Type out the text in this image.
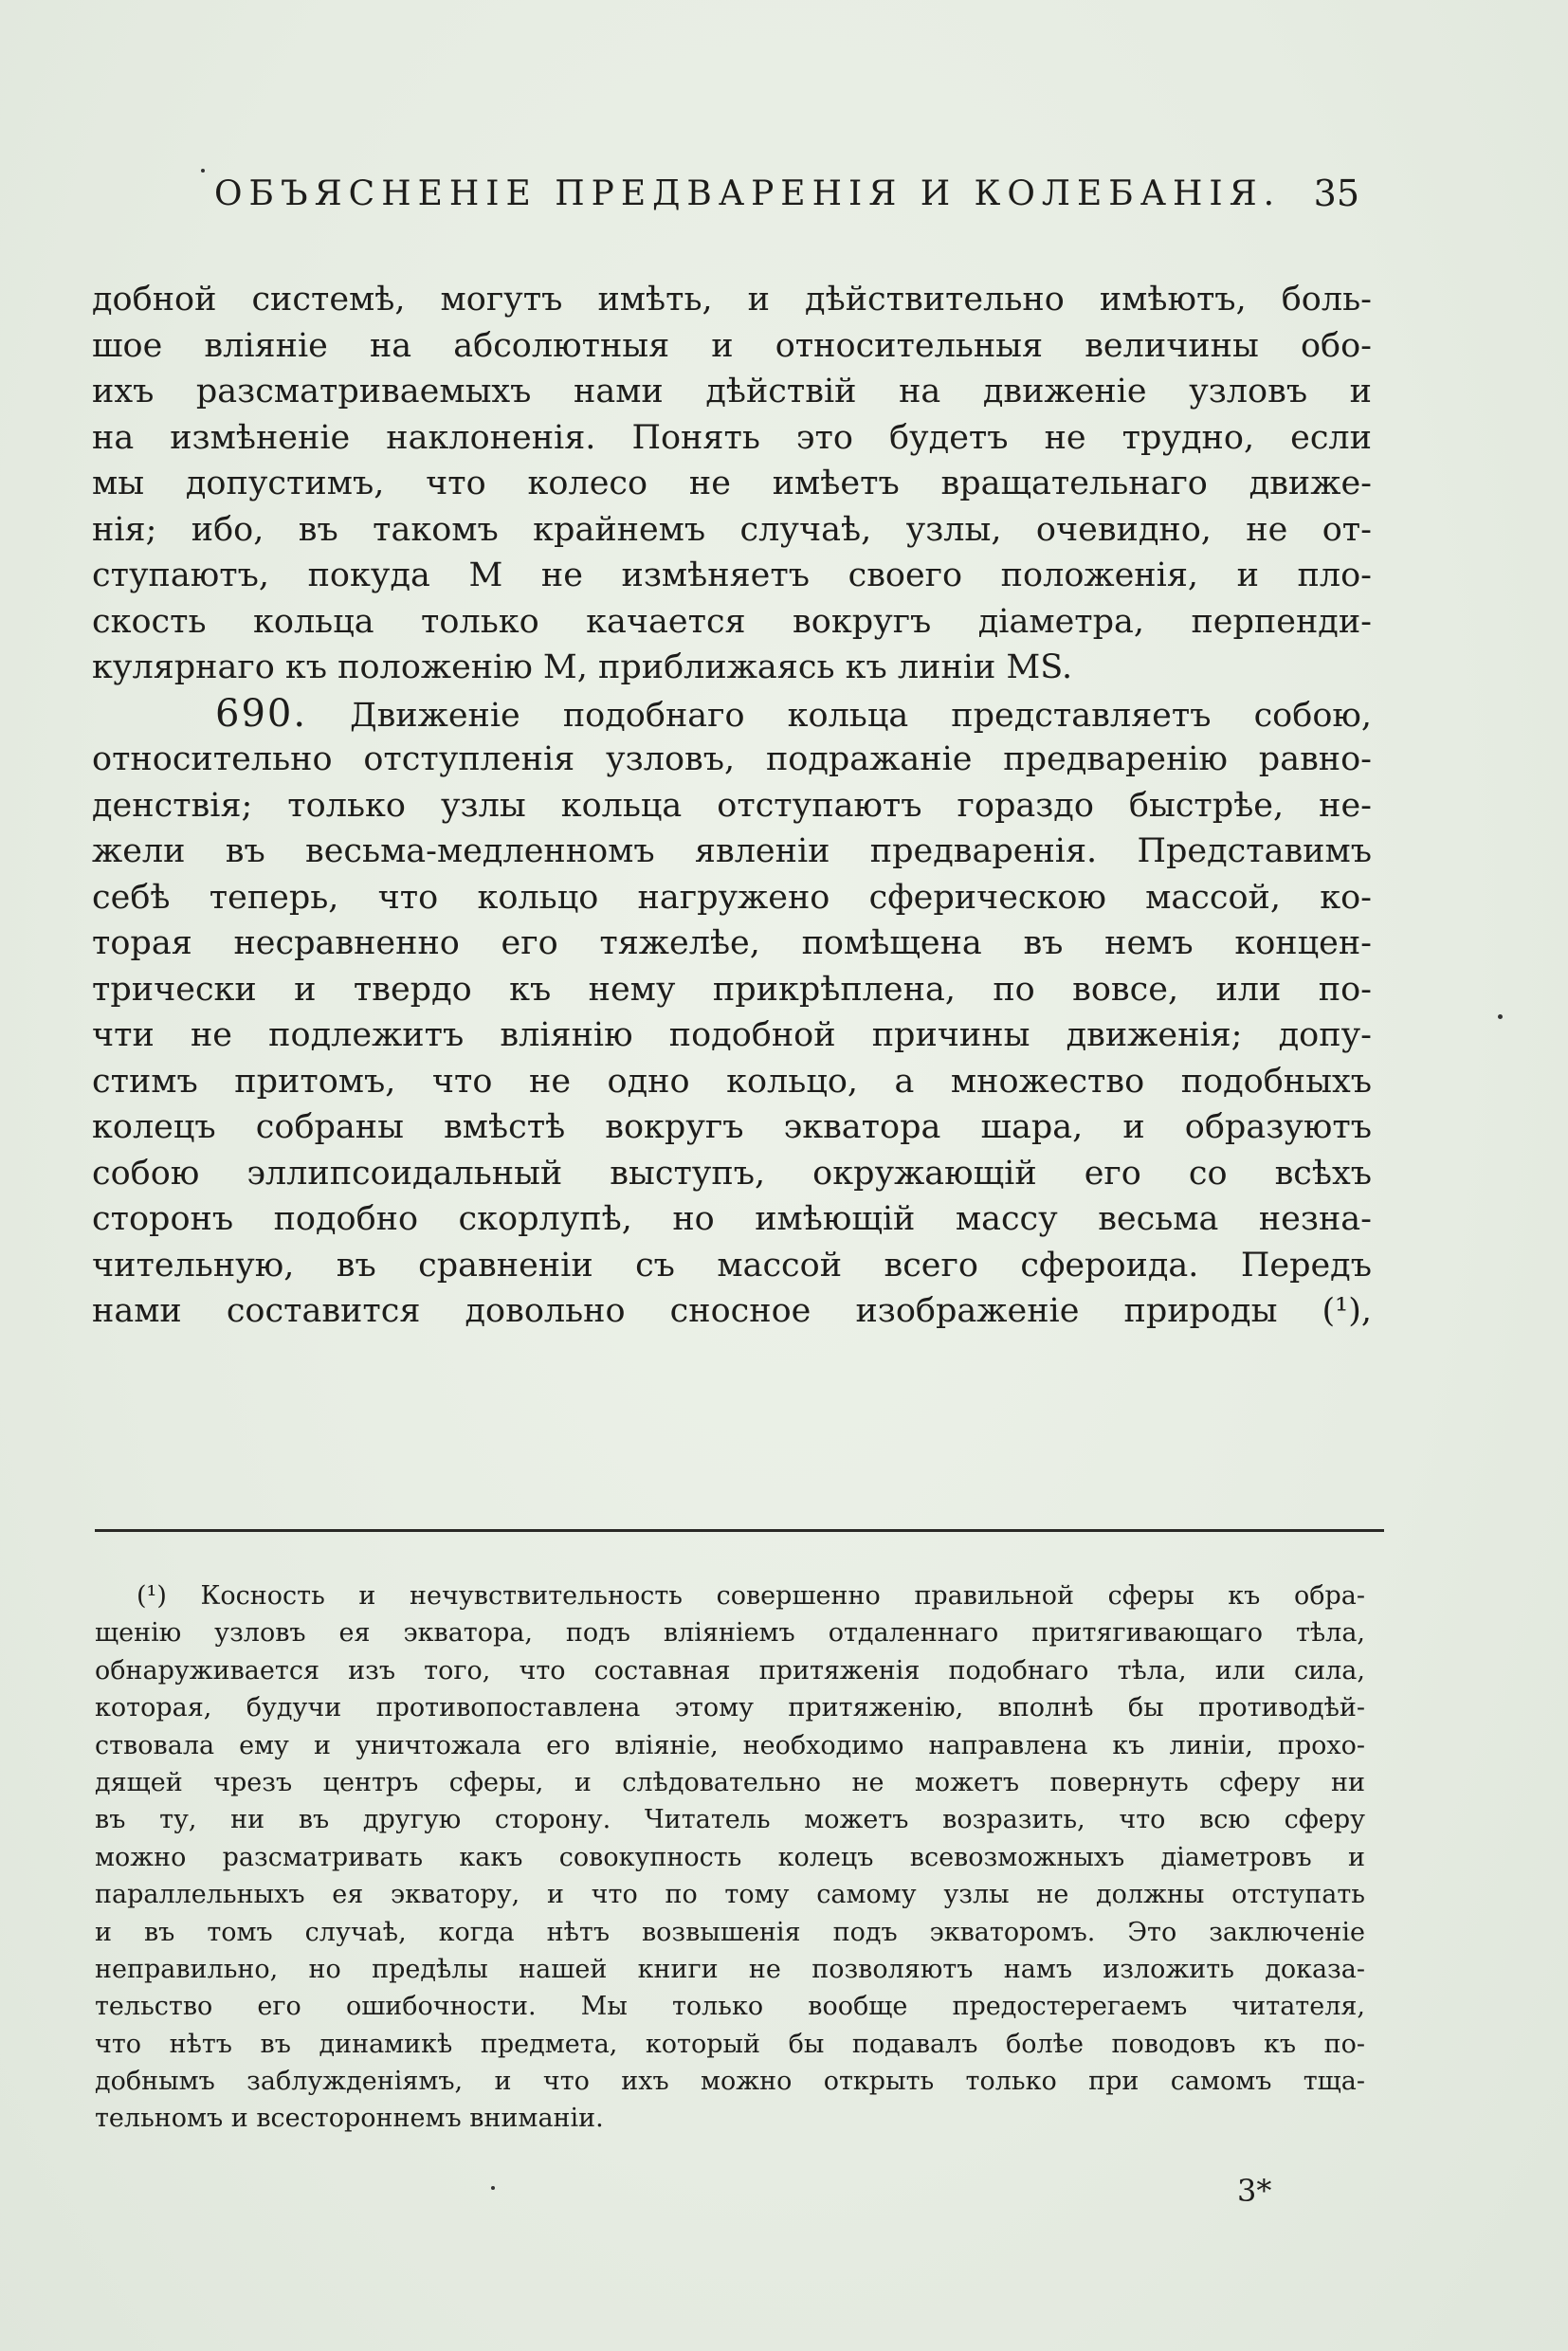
ОБЪЯСНЕНІЕ ПРЕДВАРЕНІЯ И КОЛЕБАНІЯ. 35
добной системѣ, могутъ имѣть, и дѣйствительно имѣютъ, боль-
шое вліяніе на абсолютныя и относительныя величины обо-
ихъ разсматриваемыхъ нами дѣйствій на движеніе узловъ и
на измѣненіе наклоненія. Понять это будетъ не трудно, если
мы допустимъ, что колесо не имѣетъ вращательнаго движе-
нія; ибо, въ такомъ крайнемъ случаѣ, узлы, очевидно, не от-
ступаютъ, покуда М не измѣняетъ своего положенія, и пло-
скость кольца только качается вокругъ діаметра, перпенди-
кулярнаго къ положенію М, приближаясь къ линіи MS.
690. Движеніе подобнаго кольца представляетъ собою,
относительно отступленія узловъ, подражаніе предваренію равно-
денствія; только узлы кольца отступаютъ гораздо быстрѣе, не-
жели въ весьма-медленномъ явленіи предваренія. Представимъ
себѣ теперь, что кольцо нагружено сферическою массой, ко-
торая несравненно его тяжелѣе, помѣщена въ немъ концен-
трически и твердо къ нему прикрѣплена, по вовсе, или по-
чти не подлежитъ вліянію подобной причины движенія; допу-
стимъ притомъ, что не одно кольцо, а множество подобныхъ
колецъ собраны вмѣстѣ вокругъ экватора шара, и образуютъ
собою эллипсоидальный выступъ, окружающій его со всѣхъ
сторонъ подобно скорлупѣ, но имѣющій массу весьма незна-
чительную, въ сравненіи съ массой всего сфероида. Передъ
нами составится довольно сносное изображеніе природы (¹),
(¹) Косность и нечувствительность совершенно правильной сферы къ обра-
щенію узловъ ея экватора, подъ вліяніемъ отдаленнаго притягивающаго тѣла,
обнаруживается изъ того, что составная притяженія подобнаго тѣла, или сила,
которая, будучи противопоставлена этому притяженію, вполнѣ бы противодѣй-
ствовала ему и уничтожала его вліяніе, необходимо направлена къ линіи, прохо-
дящей чрезъ центръ сферы, и слѣдовательно не можетъ повернуть сферу ни
въ ту, ни въ другую сторону. Читатель можетъ возразить, что всю сферу
можно разсматривать какъ совокупность колецъ всевозможныхъ діаметровъ и
параллельныхъ ея экватору, и что по тому самому узлы не должны отступать
и въ томъ случаѣ, когда нѣтъ возвышенія подъ экваторомъ. Это заключеніе
неправильно, но предѣлы нашей книги не позволяютъ намъ изложить доказа-
тельство его ошибочности. Мы только вообще предостерегаемъ читателя,
что нѣтъ въ динамикѣ предмета, который бы подавалъ болѣе поводовъ къ по-
добнымъ заблужденіямъ, и что ихъ можно открыть только при самомъ тща-
тельномъ и всестороннемъ вниманіи.
3*
